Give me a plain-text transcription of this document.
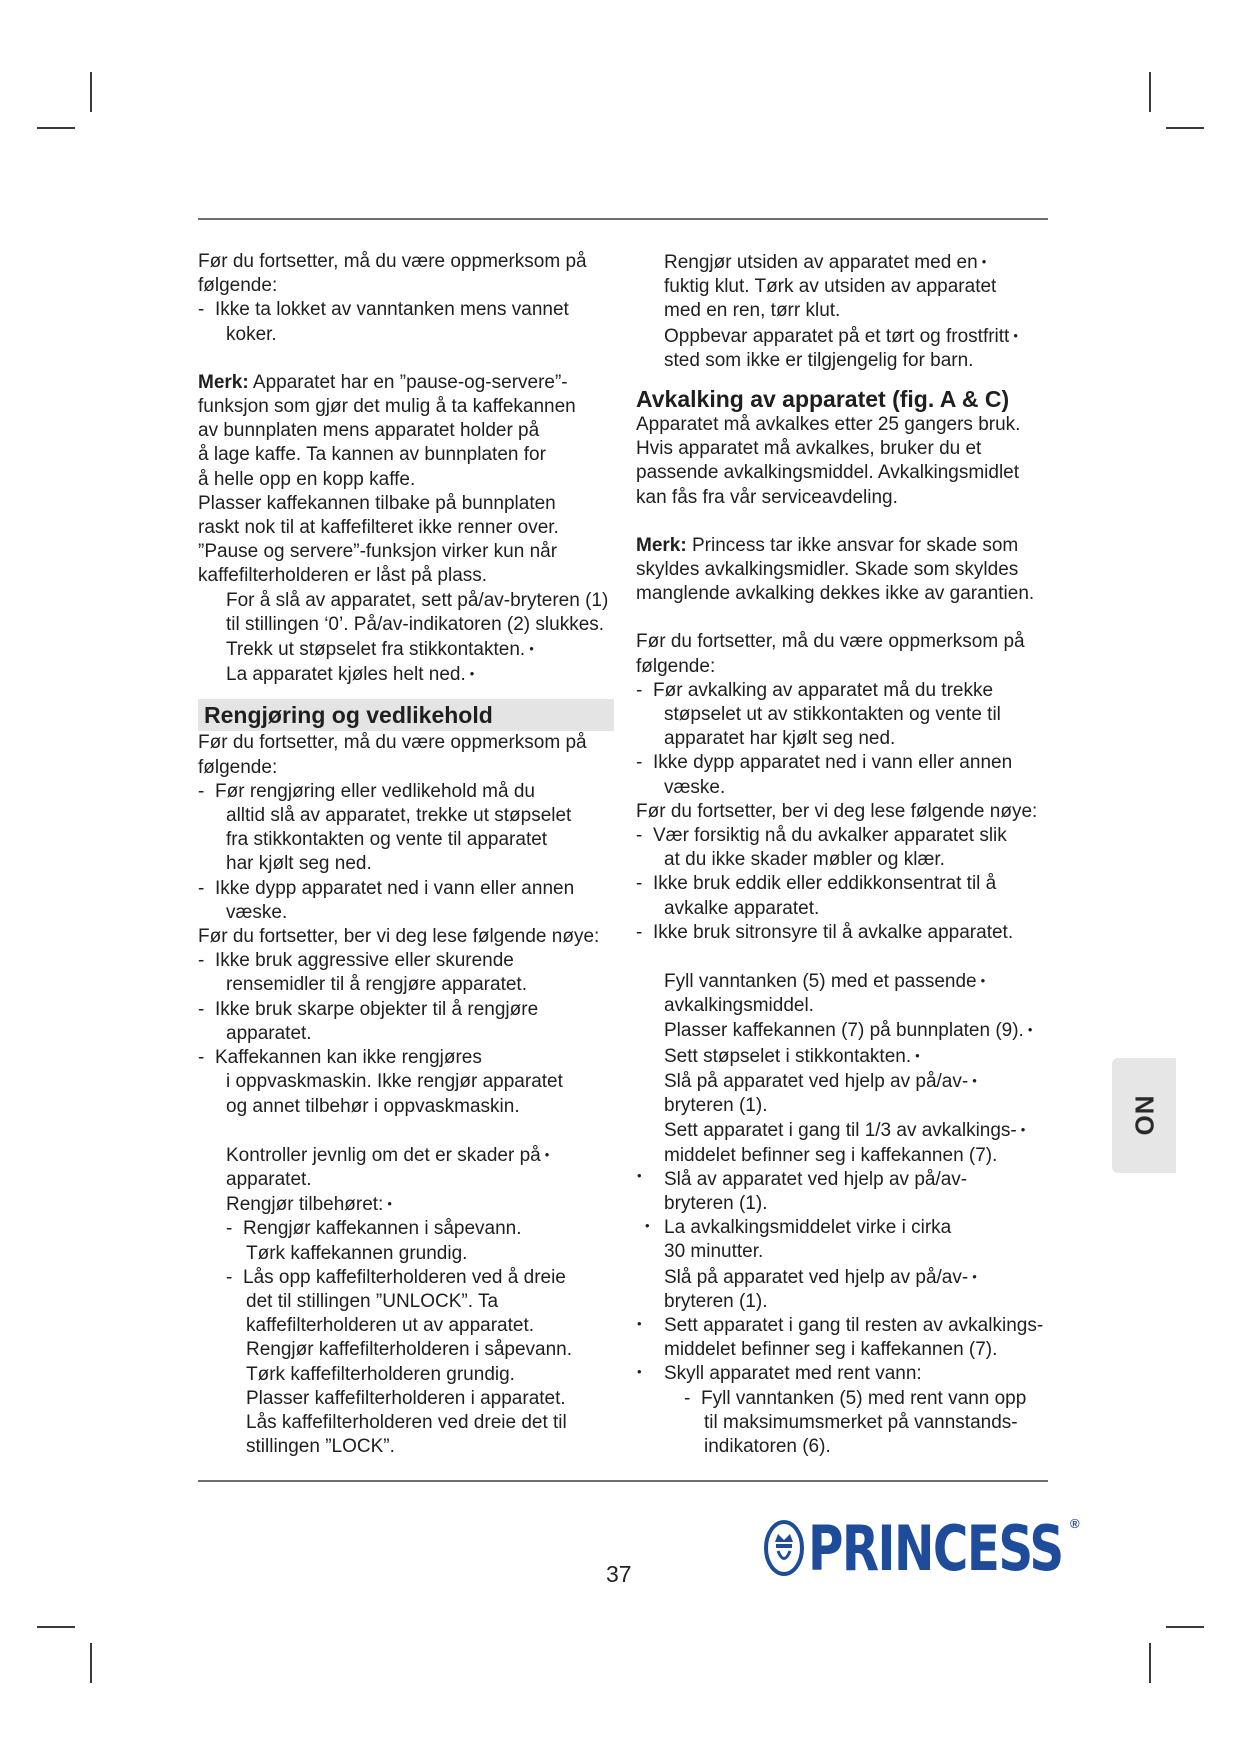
Før du fortsetter, må du være oppmerksom på

følgende:

- Ikke ta lokket av vanntanken mens vannet

koker.

Merk: Apparatet har en ”pause-og-servere”-

funksjon som gjør det mulig å ta kaffekannen

av bunnplaten mens apparatet holder på

å lage kaffe. Ta kannen av bunnplaten for

å helle opp en kopp kaffe.

Plasser kaffekannen tilbake på bunnplaten

raskt nok til at kaffefilteret ikke renner over.

”Pause og servere”-funksjon virker kun når

kaffefilterholderen er låst på plass.

For å slå av apparatet, sett på/av-bryteren (1)

til stillingen ‘0’. På/av-indikatoren (2) slukkes.

Trekk ut støpselet fra stikkontakten. •

La apparatet kjøles helt ned. •

Rengjøring og vedlikehold

Før du fortsetter, må du være oppmerksom på

følgende:

- Før rengjøring eller vedlikehold må du

alltid slå av apparatet, trekke ut støpselet

fra stikkontakten og vente til apparatet

har kjølt seg ned.

- Ikke dypp apparatet ned i vann eller annen

væske.

Før du fortsetter, ber vi deg lese følgende nøye:

- Ikke bruk aggressive eller skurende

rensemidler til å rengjøre apparatet.

- Ikke bruk skarpe objekter til å rengjøre

apparatet.

- Kaffekannen kan ikke rengjøres

i oppvaskmaskin. Ikke rengjør apparatet

og annet tilbehør i oppvaskmaskin.

Kontroller jevnlig om det er skader på •

apparatet.

Rengjør tilbehøret: •

- Rengjør kaffekannen i såpevann.

Tørk kaffekannen grundig.

- Lås opp kaffefilterholderen ved å dreie

det til stillingen ”UNLOCK”. Ta

kaffefilterholderen ut av apparatet.

Rengjør kaffefilterholderen i såpevann.

Tørk kaffefilterholderen grundig.

Plasser kaffefilterholderen i apparatet.

Lås kaffefilterholderen ved dreie det til

stillingen ”LOCK”.

Rengjør utsiden av apparatet med en •

fuktig klut. Tørk av utsiden av apparatet

med en ren, tørr klut.

Oppbevar apparatet på et tørt og frostfritt •

sted som ikke er tilgjengelig for barn.

Avkalking av apparatet (fig. A & C)

Apparatet må avkalkes etter 25 gangers bruk.

Hvis apparatet må avkalkes, bruker du et

passende avkalkingsmiddel. Avkalkingsmidlet

kan fås fra vår serviceavdeling.

Merk: Princess tar ikke ansvar for skade som

skyldes avkalkingsmidler. Skade som skyldes

manglende avkalking dekkes ikke av garantien.

Før du fortsetter, må du være oppmerksom på

følgende:

- Før avkalking av apparatet må du trekke

støpselet ut av stikkontakten og vente til

apparatet har kjølt seg ned.

- Ikke dypp apparatet ned i vann eller annen

væske.

Før du fortsetter, ber vi deg lese følgende nøye:

- Vær forsiktig nå du avkalker apparatet slik

at du ikke skader møbler og klær.

- Ikke bruk eddik eller eddikkonsentrat til å

avkalke apparatet.

- Ikke bruk sitronsyre til å avkalke apparatet.

Fyll vanntanken (5) med et passende •

avkalkingsmiddel.

Plasser kaffekannen (7) på bunnplaten (9). •

Sett støpselet i stikkontakten. •

Slå på apparatet ved hjelp av på/av- •

bryteren (1).

Sett apparatet i gang til 1/3 av avkalkings- •

middelet befinner seg i kaffekannen (7).

Slå av apparatet ved hjelp av på/av-

bryteren (1).

La avkalkingsmiddelet virke i cirka

30 minutter.

Slå på apparatet ved hjelp av på/av- •

bryteren (1).

Sett apparatet i gang til resten av avkalkings-

middelet befinner seg i kaffekannen (7).

Skyll apparatet med rent vann:

- Fyll vanntanken (5) med rent vann opp

til maksimumsmerket på vannstands-

indikatoren (6).

•
•
•
•
NO
37	PRINCESS ®
